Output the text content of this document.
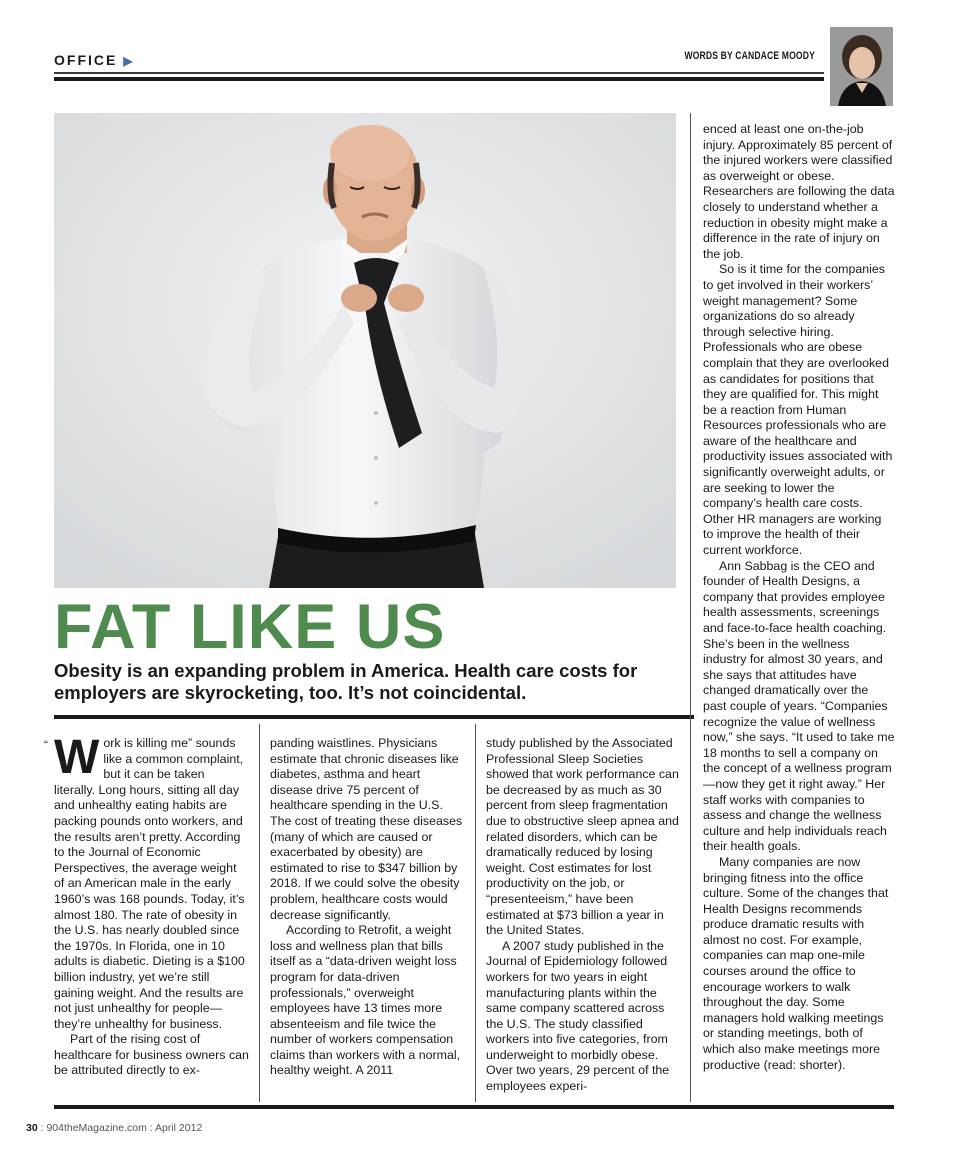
OFFICE ▶	WORDS BY CANDACE MOODY
FAT LIKE US
Obesity is an expanding problem in America. Health care costs for employers are skyrocketing, too. It’s not coincidental.
“ Work is killing me” sounds like a common complaint, but it can be taken literally. Long hours, sitting all day and unhealthy eating habits are packing pounds onto workers, and the results aren’t pretty. According to the Journal of Economic Perspectives, the average weight of an American male in the early 1960’s was 168 pounds. Today, it’s almost 180. The rate of obesity in the U.S. has nearly doubled since the 1970s. In Florida, one in 10 adults is diabetic. Dieting is a $100 billion industry, yet we’re still gaining weight. And the results are not just unhealthy for people—they’re unhealthy for business.

Part of the rising cost of healthcare for business owners can be attributed directly to ex-

panding waistlines. Physicians estimate that chronic diseases like diabetes, asthma and heart disease drive 75 percent of healthcare spending in the U.S. The cost of treating these diseases (many of which are caused or exacerbated by obesity) are estimated to rise to $347 billion by 2018. If we could solve the obesity problem, healthcare costs would decrease significantly.

According to Retrofit, a weight loss and wellness plan that bills itself as a “data-driven weight loss program for data-driven professionals,” overweight employees have 13 times more absenteeism and file twice the number of workers compensation claims than workers with a normal, healthy weight. A 2011

study published by the Associated Professional Sleep Societies showed that work performance can be decreased by as much as 30 percent from sleep fragmentation due to obstructive sleep apnea and related disorders, which can be dramatically reduced by losing weight. Cost estimates for lost productivity on the job, or “presenteeism,” have been estimated at $73 billion a year in the United States.

A 2007 study published in the Journal of Epidemiology followed workers for two years in eight manufacturing plants within the same company scattered across the U.S. The study classified workers into five categories, from underweight to morbidly obese. Over two years, 29 percent of the employees experi-

enced at least one on-the-job injury. Approximately 85 percent of the injured workers were classified as overweight or obese. Researchers are following the data closely to understand whether a reduction in obesity might make a difference in the rate of injury on the job.

So is it time for the companies to get involved in their workers’ weight management? Some organizations do so already through selective hiring. Professionals who are obese complain that they are overlooked as candidates for positions that they are qualified for. This might be a reaction from Human Resources professionals who are aware of the healthcare and productivity issues associated with significantly overweight adults, or are seeking to lower the company’s health care costs. Other HR managers are working to improve the health of their current workforce.

Ann Sabbag is the CEO and founder of Health Designs, a company that provides employee health assessments, screenings and face-to-face health coaching. She’s been in the wellness industry for almost 30 years, and she says that attitudes have changed dramatically over the past couple of years. “Companies recognize the value of wellness now,” she says. “It used to take me 18 months to sell a company on the concept of a wellness program—now they get it right away.” Her staff works with companies to assess and change the wellness culture and help individuals reach their health goals.

Many companies are now bringing fitness into the office culture. Some of the changes that Health Designs recommends produce dramatic results with almost no cost. For example, companies can map one-mile courses around the office to encourage workers to walk throughout the day. Some managers hold walking meetings or standing meetings, both of which also make meetings more productive (read: shorter).

30 : 904theMagazine.com : April 2012
